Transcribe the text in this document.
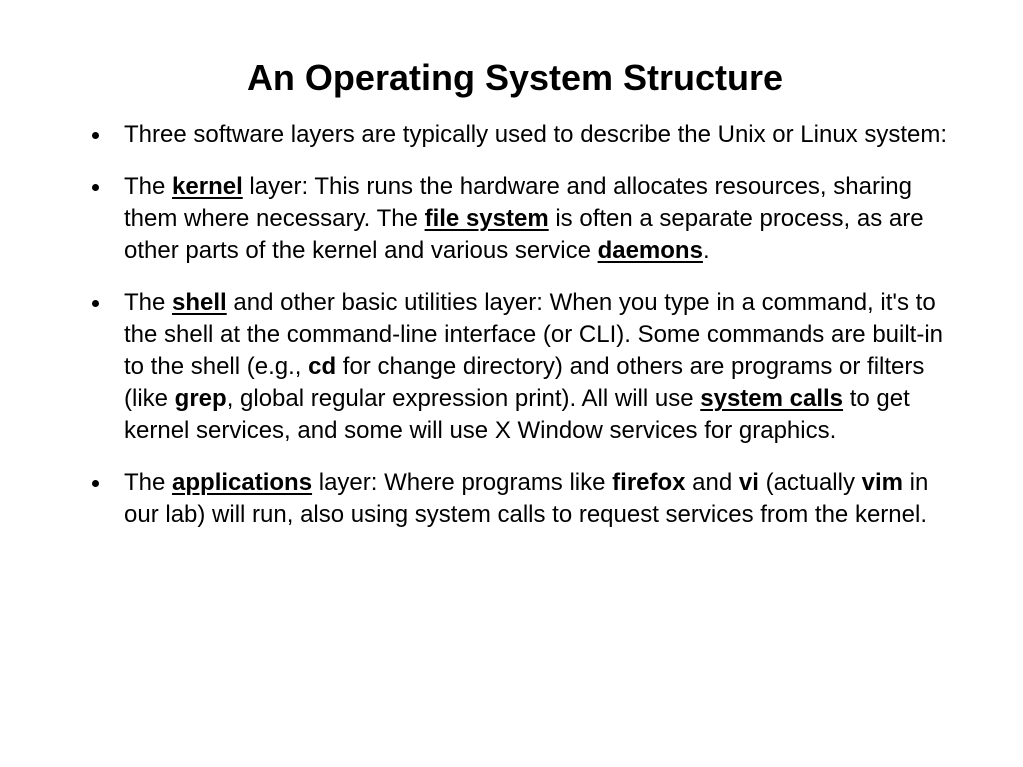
An Operating System Structure
Three software layers are typically used to describe the Unix or Linux system:
The kernel layer: This runs the hardware and allocates resources, sharing them where necessary. The file system is often a separate process, as are other parts of the kernel and various service daemons.
The shell and other basic utilities layer: When you type in a command, it's to the shell at the command-line interface (or CLI). Some commands are built-in to the shell (e.g., cd for change directory) and others are programs or filters (like grep, global regular expression print). All will use system calls to get kernel services, and some will use X Window services for graphics.
The applications layer: Where programs like firefox and vi (actually vim in our lab) will run, also using system calls to request services from the kernel.
